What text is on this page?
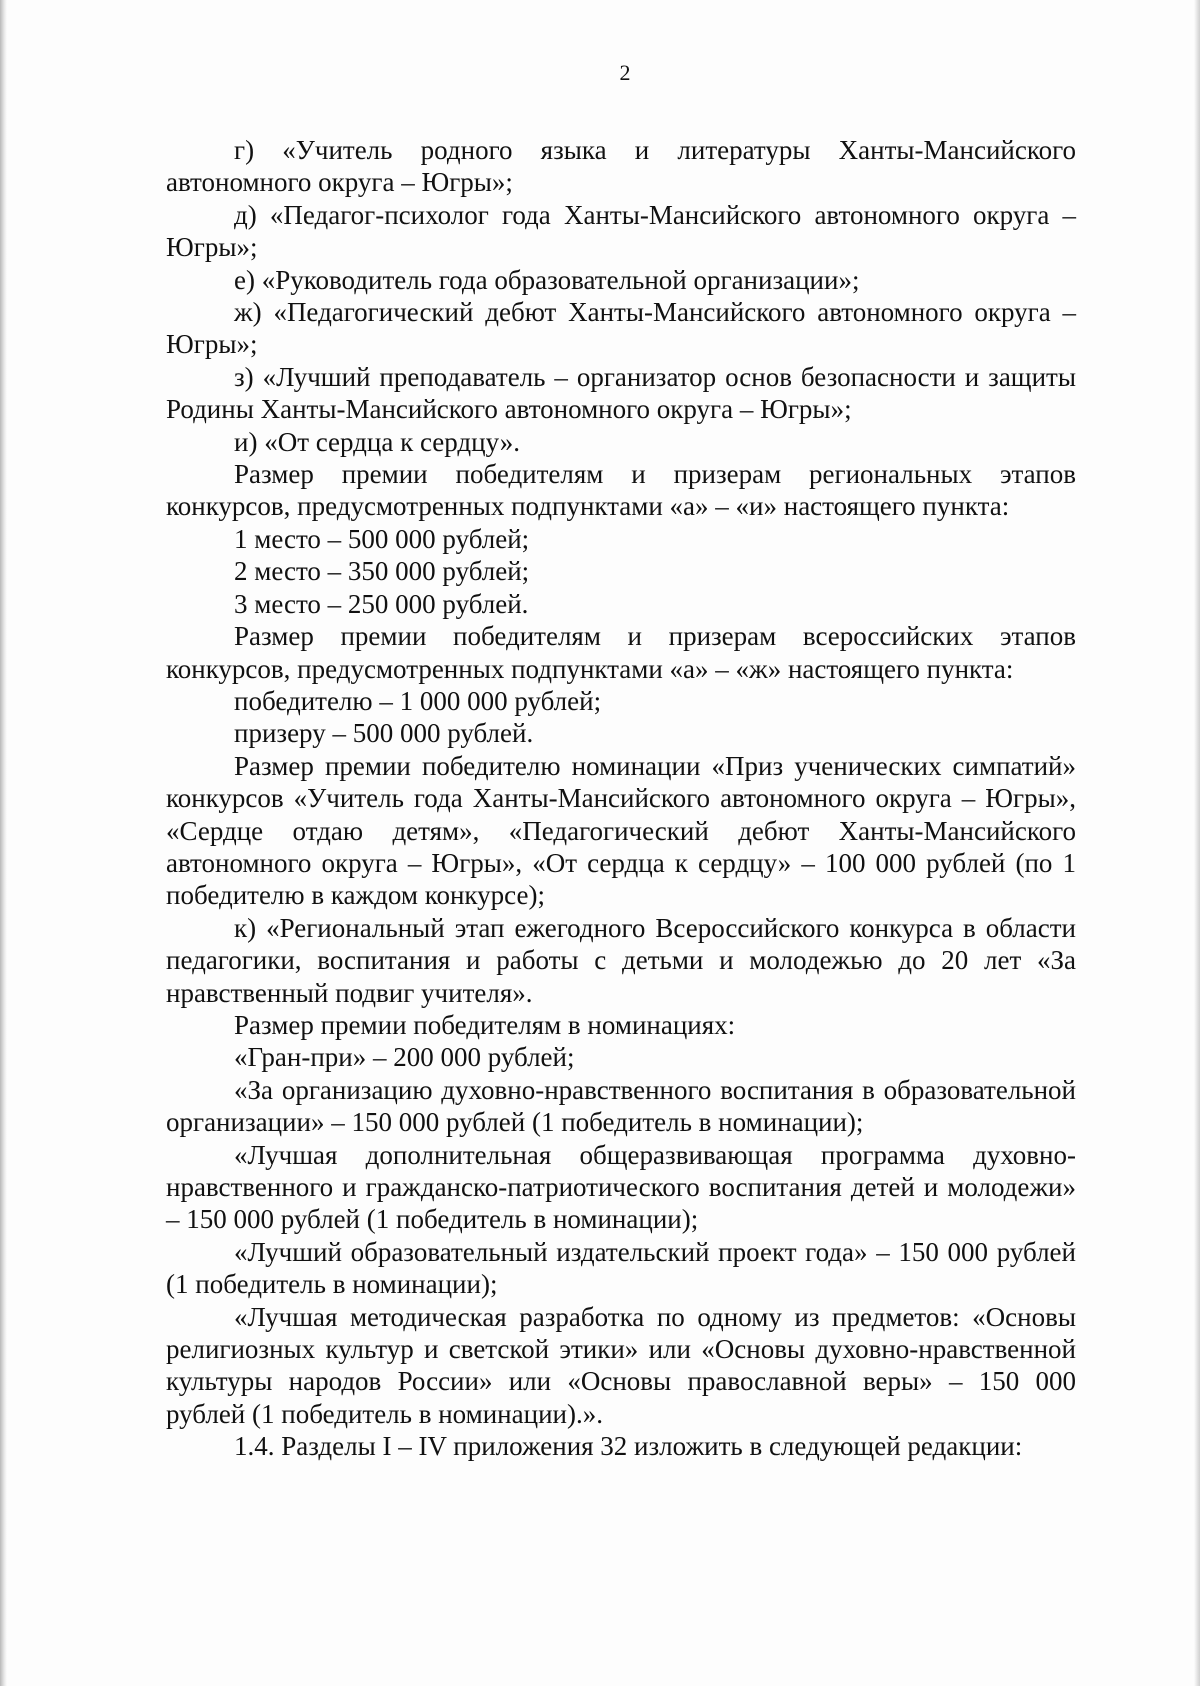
2

г) «Учитель родного языка и литературы Ханты-Мансийского автономного округа – Югры»;

д) «Педагог-психолог года Ханты-Мансийского автономного округа – Югры»;

е) «Руководитель года образовательной организации»;

ж) «Педагогический дебют Ханты-Мансийского автономного округа – Югры»;

з) «Лучший преподаватель – организатор основ безопасности и защиты Родины Ханты-Мансийского автономного округа – Югры»;

и) «От сердца к сердцу».

Размер премии победителям и призерам региональных этапов конкурсов, предусмотренных подпунктами «а» – «и» настоящего пункта:

1 место – 500 000 рублей;

2 место – 350 000 рублей;

3 место – 250 000 рублей.

Размер премии победителям и призерам всероссийских этапов конкурсов, предусмотренных подпунктами «а» – «ж» настоящего пункта:

победителю – 1 000 000 рублей;

призеру – 500 000 рублей.

Размер премии победителю номинации «Приз ученических симпатий» конкурсов «Учитель года Ханты-Мансийского автономного округа – Югры», «Сердце отдаю детям», «Педагогический дебют Ханты-Мансийского автономного округа – Югры», «От сердца к сердцу» – 100 000 рублей (по 1 победителю в каждом конкурсе);

к) «Региональный этап ежегодного Всероссийского конкурса в области педагогики, воспитания и работы с детьми и молодежью до 20 лет «За нравственный подвиг учителя».

Размер премии победителям в номинациях:

«Гран-при» – 200 000 рублей;

«За организацию духовно-нравственного воспитания в образовательной организации» – 150 000 рублей (1 победитель в номинации);

«Лучшая дополнительная общеразвивающая программа духовно-нравственного и гражданско-патриотического воспитания детей и молодежи» – 150 000 рублей (1 победитель в номинации);

«Лучший образовательный издательский проект года» – 150 000 рублей (1 победитель в номинации);

«Лучшая методическая разработка по одному из предметов: «Основы религиозных культур и светской этики» или «Основы духовно-нравственной культуры народов России» или «Основы православной веры» – 150 000 рублей (1 победитель в номинации).».

1.4. Разделы I – IV приложения 32 изложить в следующей редакции:
